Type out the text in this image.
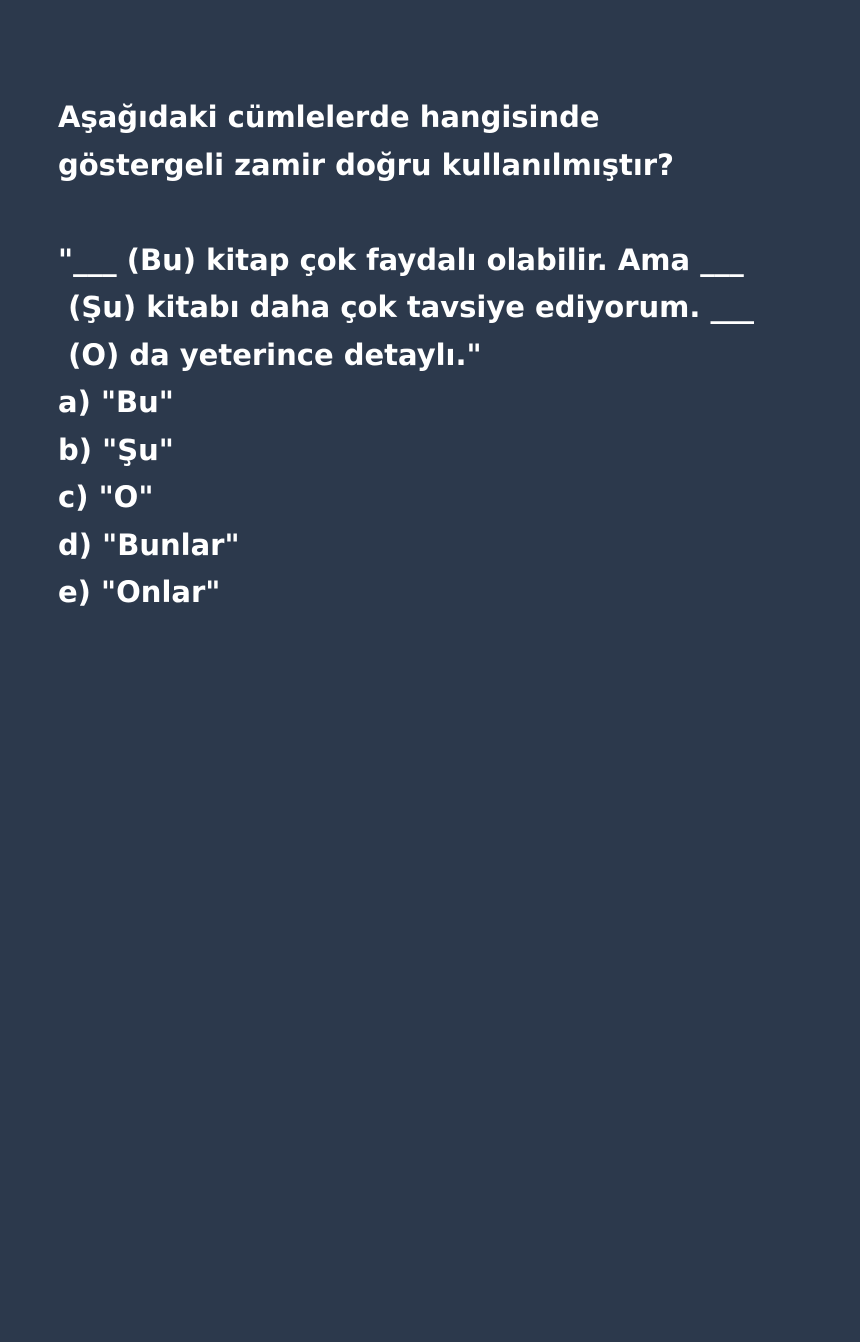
Aşağıdaki cümlelerde hangisinde
göstergeli zamir doğru kullanılmıştır?
"___ (Bu) kitap çok faydalı olabilir. Ama ___
(Şu) kitabı daha çok tavsiye ediyorum. ___
(O) da yeterince detaylı."
a) "Bu"
b) "Şu"
c) "O"
d) "Bunlar"
e) "Onlar"
